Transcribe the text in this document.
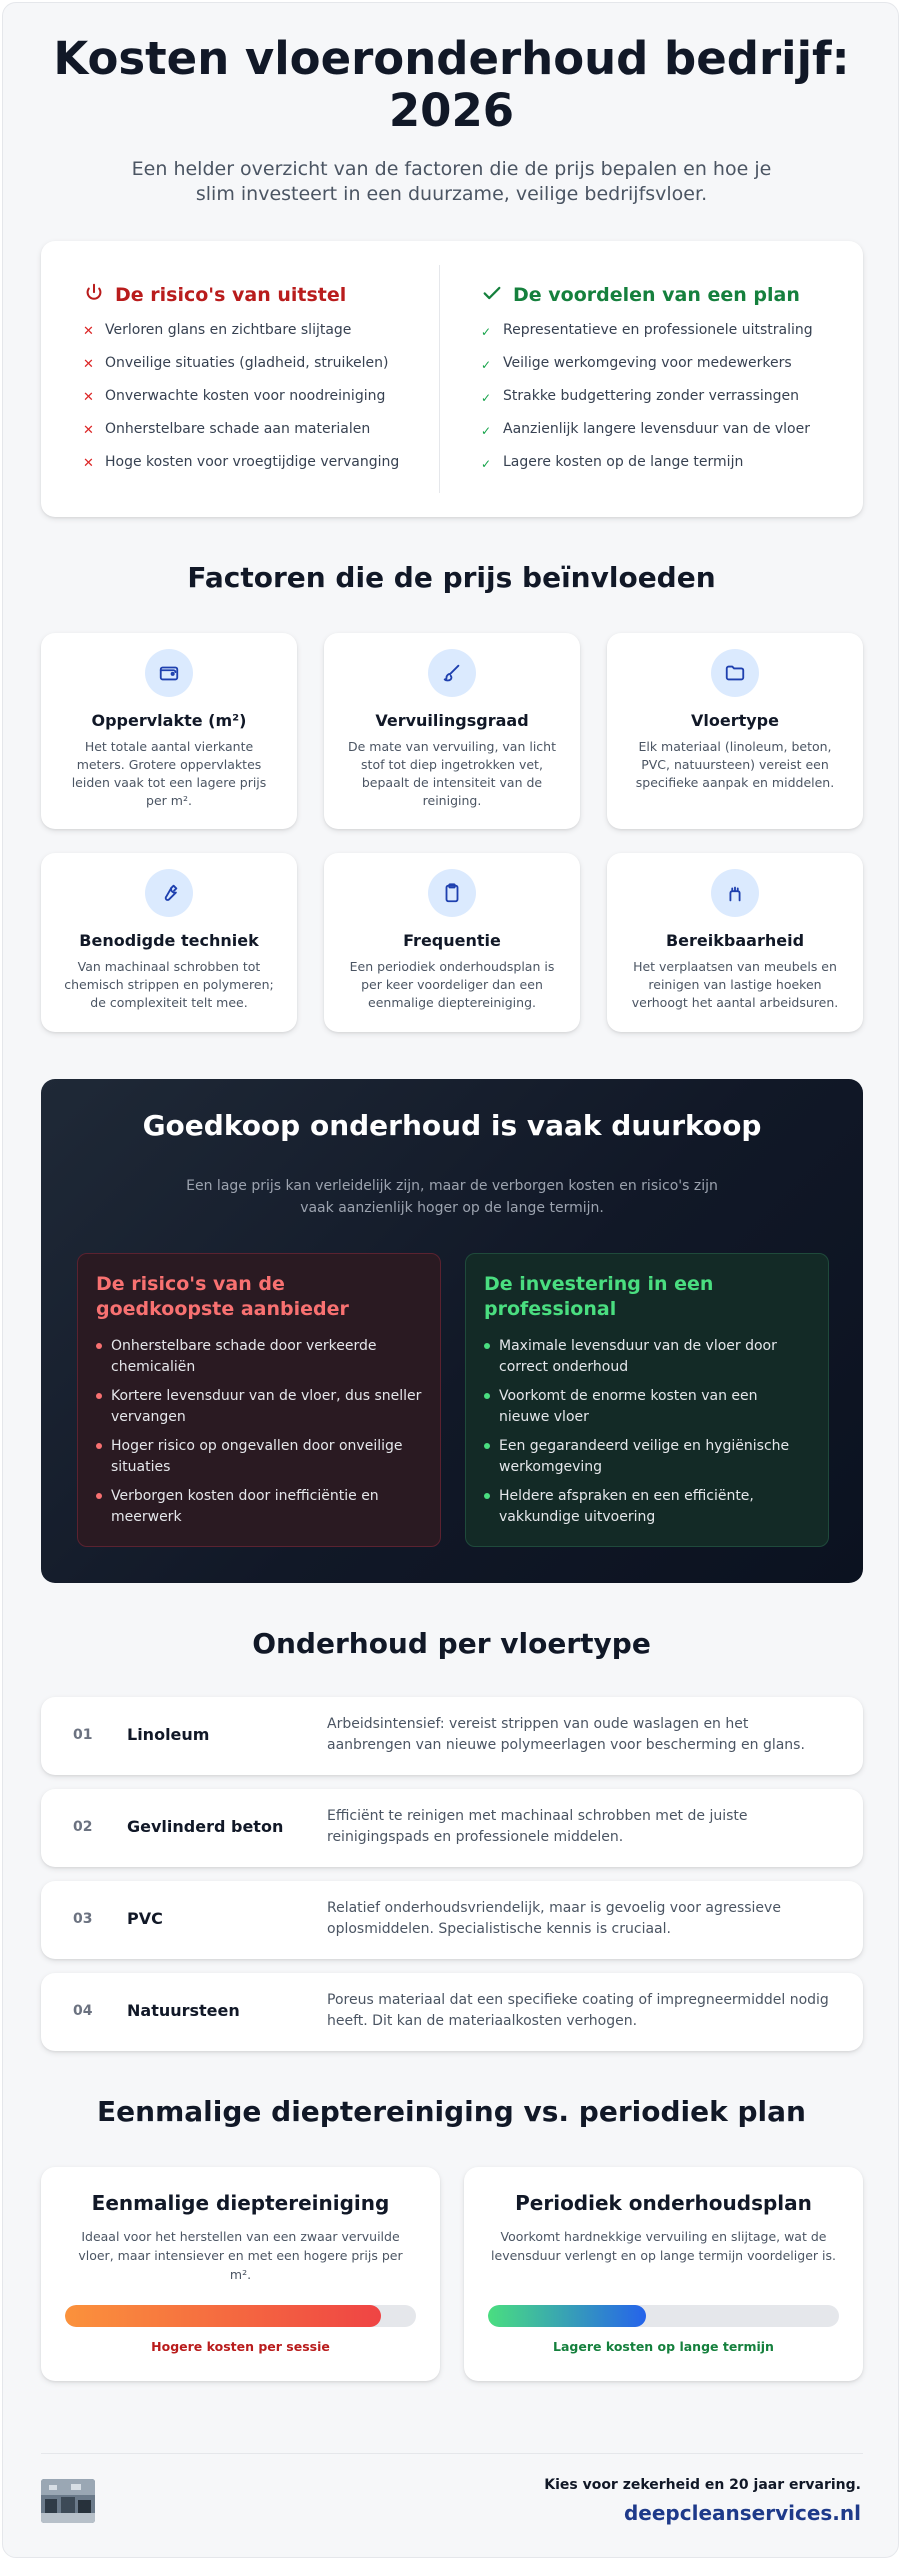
Kosten vloeronderhoud bedrijf: 2026

Een helder overzicht van de factoren die de prijs bepalen en hoe je slim investeert in een duurzame, veilige bedrijfsvloer.

De risico's van uitstel
✕ Verloren glans en zichtbare slijtage
✕ Onveilige situaties (gladheid, struikelen)
✕ Onverwachte kosten voor noodreiniging
✕ Onherstelbare schade aan materialen
✕ Hoge kosten voor vroegtijdige vervanging
De voordelen van een plan
✓ Representatieve en professionele uitstraling
✓ Veilige werkomgeving voor medewerkers
✓ Strakke budgettering zonder verrassingen
✓ Aanzienlijk langere levensduur van de vloer
✓ Lagere kosten op de lange termijn
Factoren die de prijs beïnvloeden
Oppervlakte (m²)

Het totale aantal vierkante meters. Grotere oppervlaktes leiden vaak tot een lagere prijs per m².

Vervuilingsgraad

De mate van vervuiling, van licht stof tot diep ingetrokken vet, bepaalt de intensiteit van de reiniging.

Vloertype

Elk materiaal (linoleum, beton, PVC, natuursteen) vereist een specifieke aanpak en middelen.

Benodigde techniek

Van machinaal schrobben tot chemisch strippen en polymeren; de complexiteit telt mee.

Frequentie

Een periodiek onderhoudsplan is per keer voordeliger dan een eenmalige dieptereiniging.

Bereikbaarheid

Het verplaatsen van meubels en reinigen van lastige hoeken verhoogt het aantal arbeidsuren.

Goedkoop onderhoud is vaak duurkoop

Een lage prijs kan verleidelijk zijn, maar de verborgen kosten en risico's zijn vaak aanzienlijk hoger op de lange termijn.

De risico's van de goedkoopste aanbieder
Onherstelbare schade door verkeerde chemicaliën
Kortere levensduur van de vloer, dus sneller vervangen
Hoger risico op ongevallen door onveilige situaties
Verborgen kosten door inefficiëntie en meerwerk
De investering in een professional
Maximale levensduur van de vloer door correct onderhoud
Voorkomt de enorme kosten van een nieuwe vloer
Een gegarandeerd veilige en hygiënische werkomgeving
Heldere afspraken en een efficiënte, vakkundige uitvoering
Onderhoud per vloertype
01 Linoleum
Arbeidsintensief: vereist strippen van oude waslagen en het aanbrengen van nieuwe polymeerlagen voor bescherming en glans.
02 Gevlinderd beton
Efficiënt te reinigen met machinaal schrobben met de juiste reinigingspads en professionele middelen.
03 PVC
Relatief onderhoudsvriendelijk, maar is gevoelig voor agressieve oplosmiddelen. Specialistische kennis is cruciaal.
04 Natuursteen
Poreus materiaal dat een specifieke coating of impregneermiddel nodig heeft. Dit kan de materiaalkosten verhogen.
Eenmalige dieptereiniging vs. periodiek plan
Eenmalige dieptereiniging

Ideaal voor het herstellen van een zwaar vervuilde vloer, maar intensiever en met een hogere prijs per m².

Hogere kosten per sessie
Periodiek onderhoudsplan

Voorkomt hardnekkige vervuiling en slijtage, wat de levensduur verlengt en op lange termijn voordeliger is.

Lagere kosten op lange termijn
Kies voor zekerheid en 20 jaar ervaring.
deepcleanservices.nl
